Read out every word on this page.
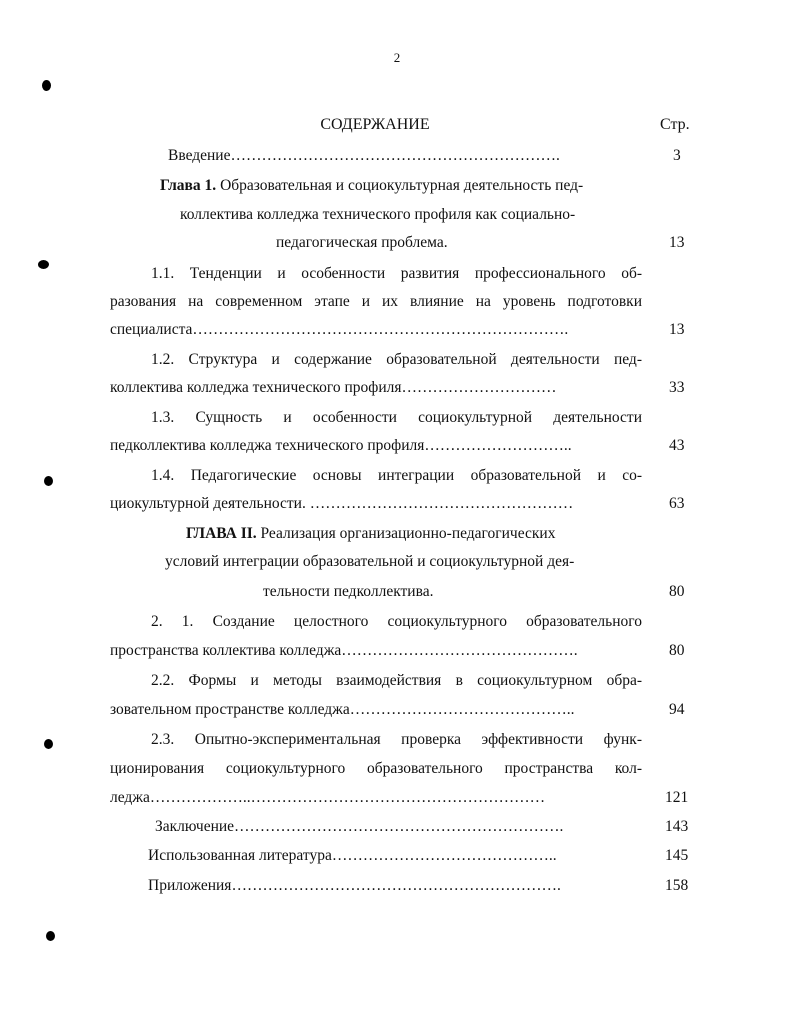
2
СОДЕРЖАНИЕ	Стр.
Введение……………………………………………………….	3
Глава 1. Образовательная и социокультурная деятельность пед-
коллектива колледжа технического профиля как социально-
педагогическая проблема.	13
1.1. Тенденции и особенности развития профессионального об-
разования на современном этапе и их влияние на уровень подготовки
специалиста……………………………………………………………….	13
1.2. Структура и содержание образовательной деятельности пед-
коллектива колледжа технического профиля…………………………	33
1.3. Сущность и особенности социокультурной деятельности
педколлектива колледжа технического профиля………………………..	43
1.4. Педагогические основы интеграции образовательной и со-
циокультурной деятельности. ……………………………………………	63
ГЛАВА II. Реализация организационно-педагогических
условий интеграции образовательной и социокультурной дея-
тельности педколлектива.	80
2. 1. Создание целостного социокультурного образовательного
пространства коллектива колледжа……………………………………….	80
2.2. Формы и методы взаимодействия в социокультурном обра-
зовательном пространстве колледжа……………………………………..	94
2.3. Опытно-экспериментальная проверка эффективности функ-
ционирования социокультурного образовательного пространства кол-
леджа………………..…………………………………………………	121
Заключение……………………………………………………….	143
Использованная литература……………………………………..	145
Приложения……………………………………………………….	158
